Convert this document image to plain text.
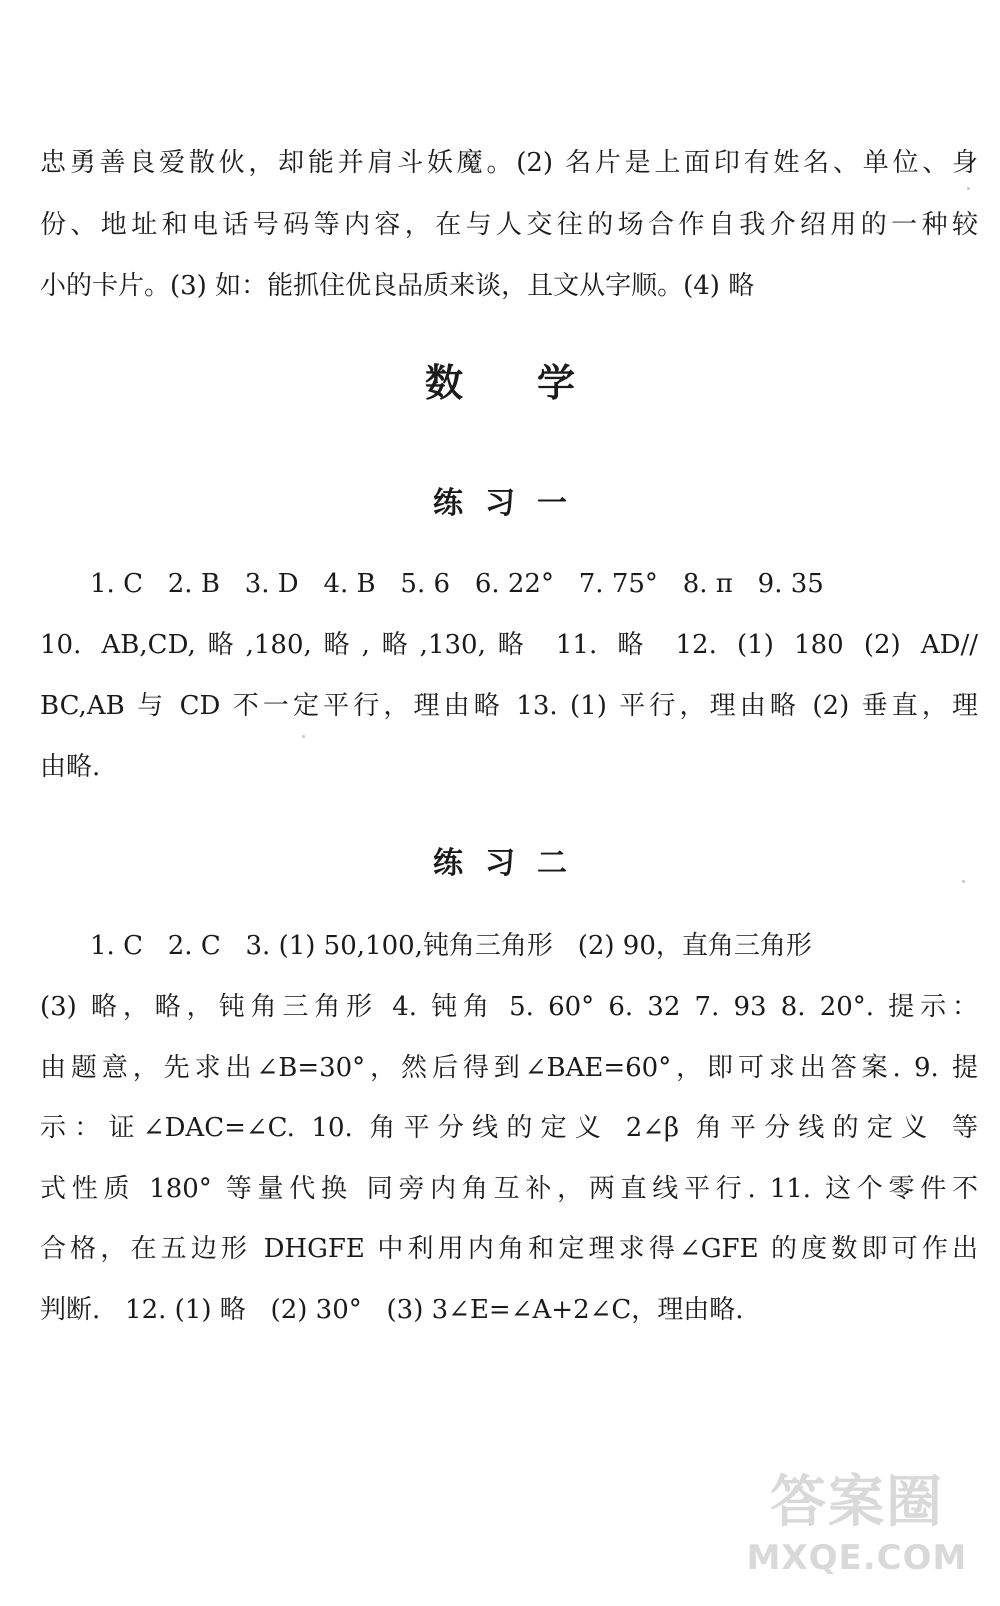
忠勇善良爱散伙，却能并肩斗妖魔。(2) 名片是上面印有姓名、单位、身
份、地址和电话号码等内容，在与人交往的场合作自我介绍用的一种较
小的卡片。(3) 如：能抓住优良品质来谈，且文从字顺。(4) 略
数学
练习一
1. C   2. B   3. D   4. B   5. 6   6. 22°   7. 75°   8. π   9. 35
10. AB,CD,略,180,略,略,130,略 11. 略 12. (1) 180 (2) AD//
BC,AB 与 CD 不一定平行，理由略 13. (1) 平行，理由略 (2) 垂直，理
由略.
练习二
1. C   2. C   3. (1) 50,100,钝角三角形   (2) 90，直角三角形
(3) 略，略，钝角三角形 4. 钝角 5. 60° 6. 32 7. 93 8. 20°. 提示：
由题意，先求出∠B=30°，然后得到∠BAE=60°，即可求出答案. 9. 提
示：证∠DAC=∠C. 10. 角平分线的定义 2∠β 角平分线的定义 等
式性质 180° 等量代换 同旁内角互补，两直线平行. 11. 这个零件不
合格，在五边形 DHGFE 中利用内角和定理求得∠GFE 的度数即可作出
判断.   12. (1) 略   (2) 30°   (3) 3∠E=∠A+2∠C，理由略.
答案圈
MXQE.COM
